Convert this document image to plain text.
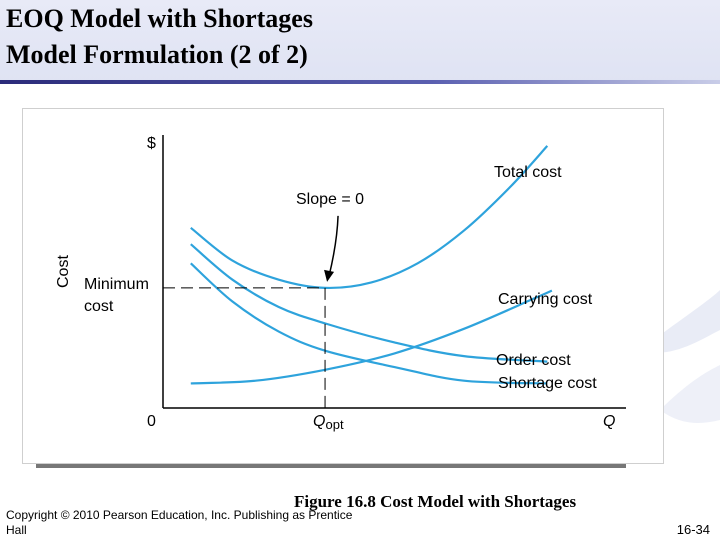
EOQ Model with Shortages
Model Formulation (2 of 2)
$
Cost
0	Q
Qopt
Slope = 0
Minimum
cost
Total cost
Carrying cost
Order cost
Shortage cost
Figure 16.8 Cost Model with Shortages
Copyright © 2010 Pearson Education, Inc. Publishing as Prentice Hall	16-34
